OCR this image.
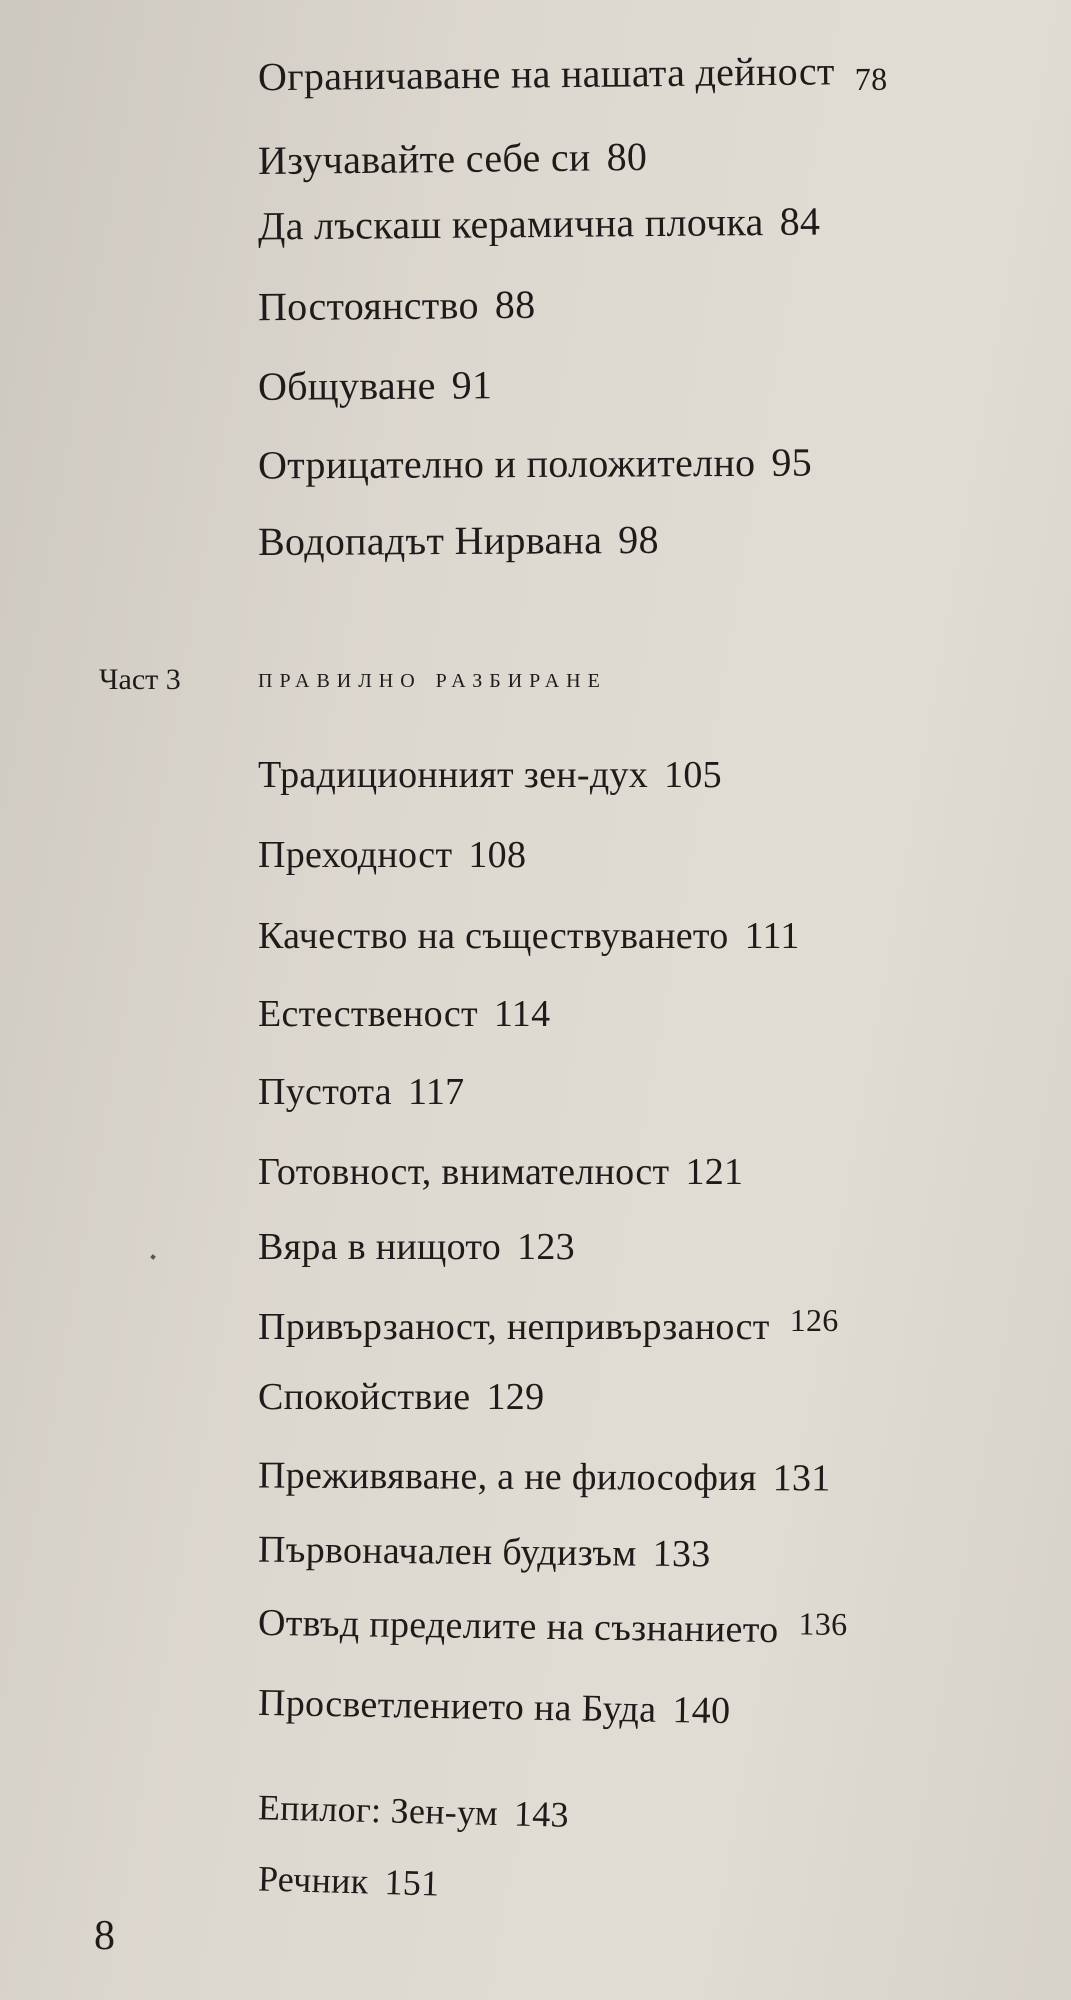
Ограничаване на нашата дейност 78
Изучавайте себе си 80
Да лъскаш керамична плочка 84
Постоянство 88
Общуване 91
Отрицателно и положително 95
Водопадът Нирвана 98
Част 3	правилно разбиране
Традиционният зен-дух 105
Преходност 108
Качество на съществуването 111
Естественост 114
Пустота 117
Готовност, внимателност 121
Вяра в нищото 123
Привързаност, непривързаност $^{126}$
Спокойствие 129
Преживяване, а не философия 131
Първоначален будизъм 133
Отвъд пределите на съзнанието $^{136}$
Просветлението на Буда 140
Епилог: Зен-ум 143
Речник 151
8
